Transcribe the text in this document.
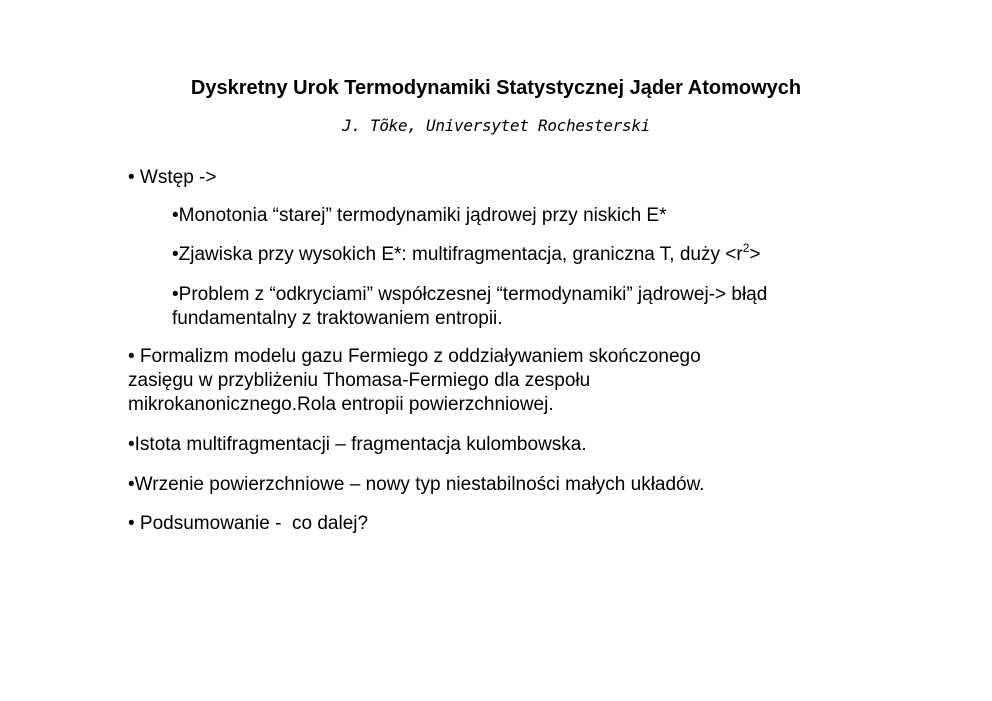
Dyskretny Urok Termodynamiki Statystycznej Jąder Atomowych
J. Tõke, Universytet Rochesterski
• Wstęp ->
•Monotonia “starej” termodynamiki jądrowej przy niskich E*
•Zjawiska przy wysokich E*: multifragmentacja, graniczna T, duży $<r^2>$
•Problem z “odkryciami” współczesnej “termodynamiki” jądrowej-> błąd
fundamentalny z traktowaniem entropii.
• Formalizm modelu gazu Fermiego z oddziaływaniem skończonego
zasięgu w przybliżeniu Thomasa-Fermiego dla zespołu
mikrokanonicznego.Rola entropii powierzchniowej.
•Istota multifragmentacji – fragmentacja kulombowska.
•Wrzenie powierzchniowe – nowy typ niestabilności małych układów.
• Podsumowanie -  co dalej?
